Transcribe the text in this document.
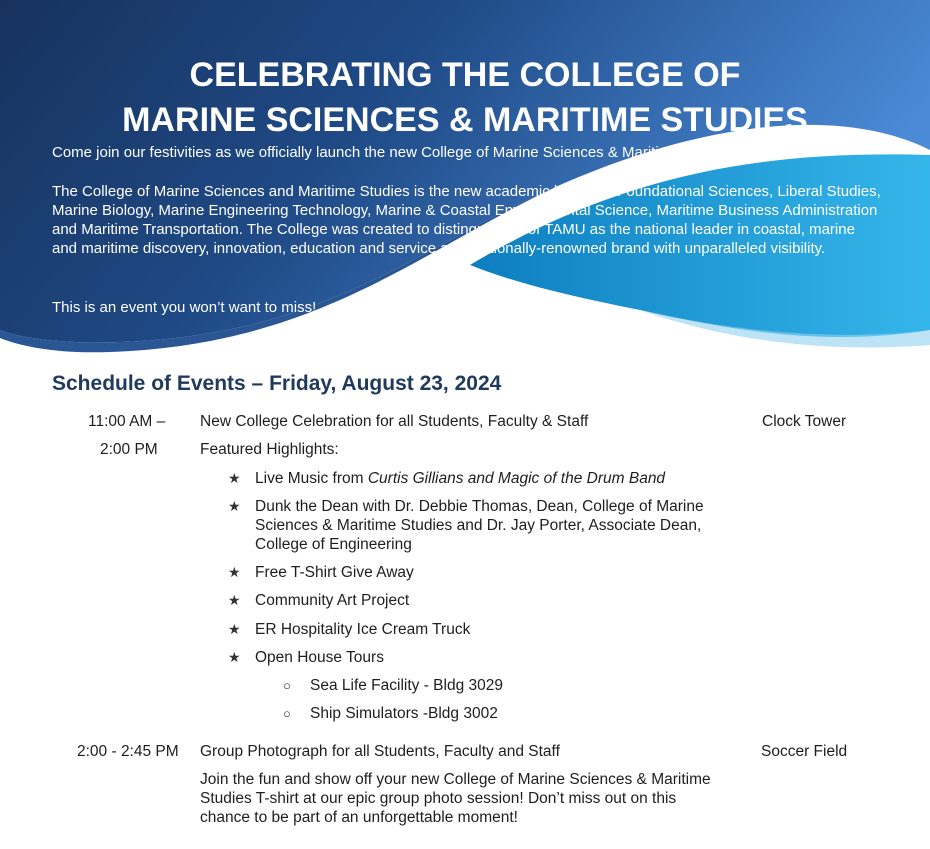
CELEBRATING THE COLLEGE OF
MARINE SCIENCES & MARITIME STUDIES

Come join our festivities as we officially launch the new College of Marine Sciences & Maritime Studies.

The College of Marine Sciences and Maritime Studies is the new academic home for Foundational Sciences, Liberal Studies, Marine Biology, Marine Engineering Technology, Marine & Coastal Environmental Science, Maritime Business Administration and Maritime Transportation. The College was created to distinguish all of TAMU as the national leader in coastal, marine and maritime discovery, innovation, education and service as a nationally-renowned brand with unparalleled visibility.

This is an event you won’t want to miss!

Schedule of Events – Friday, August 23, 2024

11:00 AM –

2:00 PM

New College Celebration for all Students, Faculty & Staff	Clock Tower

Featured Highlights:

★ Live Music from Curtis Gillians and Magic of the Drum Band
★ Dunk the Dean with Dr. Debbie Thomas, Dean, College of Marine Sciences & Maritime Studies and Dr. Jay Porter, Associate Dean, College of Engineering
★ Free T-Shirt Give Away
★ Community Art Project
★ ER Hospitality Ice Cream Truck
★ Open House Tours
○ Sea Life Facility - Bldg 3029
○ Ship Simulators -Bldg 3002

2:00 - 2:45 PM Group Photograph for all Students, Faculty and Staff	Soccer Field

Join the fun and show off your new College of Marine Sciences & Maritime Studies T-shirt at our epic group photo session! Don’t miss out on this chance to be part of an unforgettable moment!
